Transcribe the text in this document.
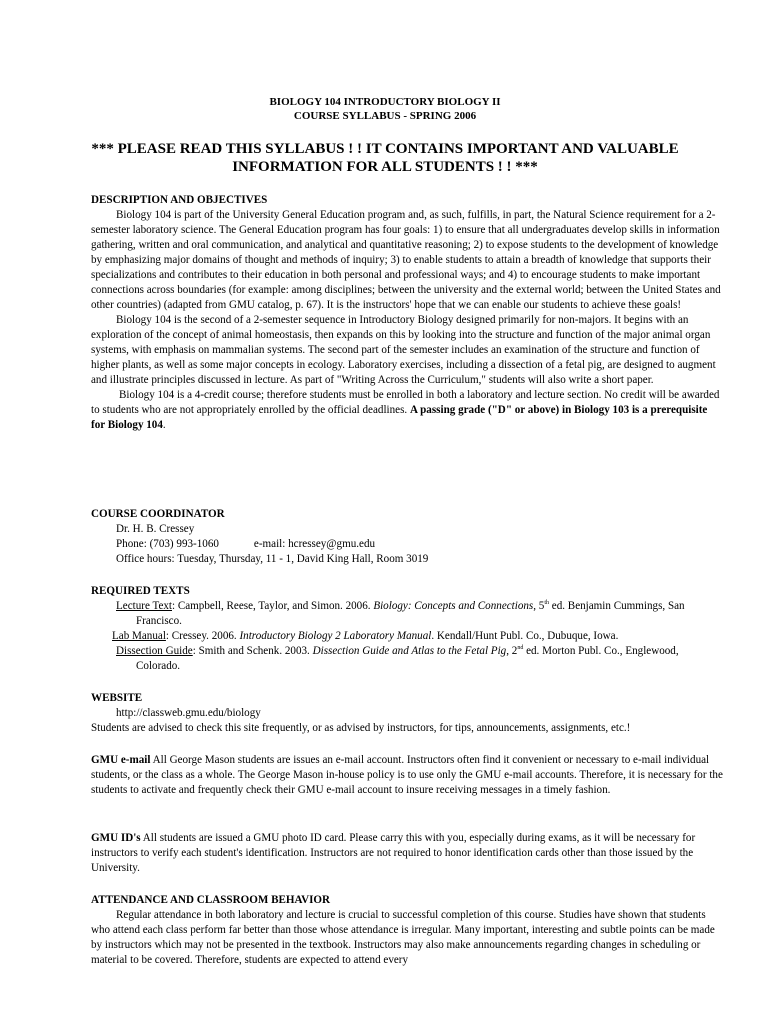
BIOLOGY 104 INTRODUCTORY BIOLOGY II
COURSE SYLLABUS - SPRING 2006
*** PLEASE READ THIS SYLLABUS ! ! IT CONTAINS IMPORTANT AND VALUABLE INFORMATION FOR ALL STUDENTS ! ! ***
DESCRIPTION AND OBJECTIVES

Biology 104 is part of the University General Education program and, as such, fulfills, in part, the Natural Science requirement for a 2-semester laboratory science. The General Education program has four goals: 1) to ensure that all undergraduates develop skills in information gathering, written and oral communication, and analytical and quantitative reasoning; 2) to expose students to the development of knowledge by emphasizing major domains of thought and methods of inquiry; 3) to enable students to attain a breadth of knowledge that supports their specializations and contributes to their education in both personal and professional ways; and 4) to encourage students to make important connections across boundaries (for example: among disciplines; between the university and the external world; between the United States and other countries) (adapted from GMU catalog, p. 67). It is the instructors' hope that we can enable our students to achieve these goals!

Biology 104 is the second of a 2-semester sequence in Introductory Biology designed primarily for non-majors. It begins with an exploration of the concept of animal homeostasis, then expands on this by looking into the structure and function of the major animal organ systems, with emphasis on mammalian systems. The second part of the semester includes an examination of the structure and function of higher plants, as well as some major concepts in ecology. Laboratory exercises, including a dissection of a fetal pig, are designed to augment and illustrate principles discussed in lecture. As part of "Writing Across the Curriculum," students will also write a short paper.

Biology 104 is a 4-credit course; therefore students must be enrolled in both a laboratory and lecture section. No credit will be awarded to students who are not appropriately enrolled by the official deadlines. A passing grade ("D" or above) in Biology 103 is a prerequisite for Biology 104.

COURSE COORDINATOR
Dr. H. B. Cressey
Phone: (703) 993-1060	e-mail: hcressey@gmu.edu
Office hours: Tuesday, Thursday, 11 - 1, David King Hall, Room 3019
REQUIRED TEXTS

Lecture Text: Campbell, Reese, Taylor, and Simon. 2006. Biology: Concepts and Connections, 5th ed. Benjamin Cummings, San Francisco.

Lab Manual: Cressey. 2006. Introductory Biology 2 Laboratory Manual. Kendall/Hunt Publ. Co., Dubuque, Iowa.

Dissection Guide: Smith and Schenk. 2003. Dissection Guide and Atlas to the Fetal Pig, 2nd ed. Morton Publ. Co., Englewood, Colorado.

WEBSITE
http://classweb.gmu.edu/biology
Students are advised to check this site frequently, or as advised by instructors, for tips, announcements, assignments, etc.!

GMU e-mail All George Mason students are issues an e-mail account. Instructors often find it convenient or necessary to e-mail individual students, or the class as a whole. The George Mason in-house policy is to use only the GMU e-mail accounts. Therefore, it is necessary for the students to activate and frequently check their GMU e-mail account to insure receiving messages in a timely fashion.

GMU ID's All students are issued a GMU photo ID card. Please carry this with you, especially during exams, as it will be necessary for instructors to verify each student's identification. Instructors are not required to honor identification cards other than those issued by the University.

ATTENDANCE AND CLASSROOM BEHAVIOR

Regular attendance in both laboratory and lecture is crucial to successful completion of this course. Studies have shown that students who attend each class perform far better than those whose attendance is irregular. Many important, interesting and subtle points can be made by instructors which may not be presented in the textbook. Instructors may also make announcements regarding changes in scheduling or material to be covered. Therefore, students are expected to attend every
